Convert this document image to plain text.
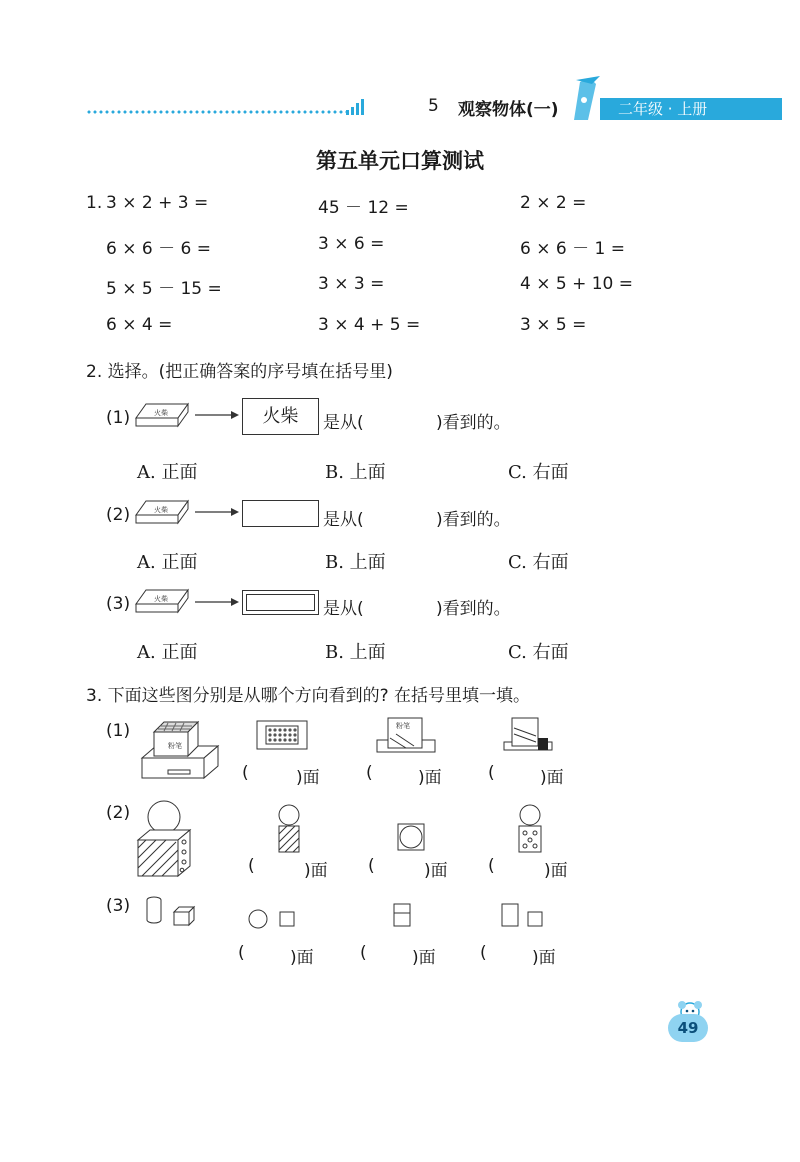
5 观察物体(一)	二年级 · 上册
第五单元口算测试
1. 3 × 2 + 3 =	45 － 12 =	2 × 2 =
6 × 6 － 6 =	3 × 6 =	6 × 6 － 1 =
5 × 5 － 15 =	3 × 3 =	4 × 5 + 10 =
6 × 4 =	3 × 4 + 5 =	3 × 5 =
2. 选择。(把正确答案的序号填在括号里)
(1)	火柴	火柴	是从(	)看到的。
A. 正面	B. 上面	C. 右面
(2)	火柴	是从(	)看到的。
A. 正面	B. 上面	C. 右面
(3)	火柴	是从(	)看到的。
A. 正面	B. 上面	C. 右面
3. 下面这些图分别是从哪个方向看到的? 在括号里填一填。
(1)
粉笔
粉笔
(	)面	(	)面	(	)面
(2)
(	)面 (	)面 (	)面
(3)
(	)面	(	)面	(	)面
49
